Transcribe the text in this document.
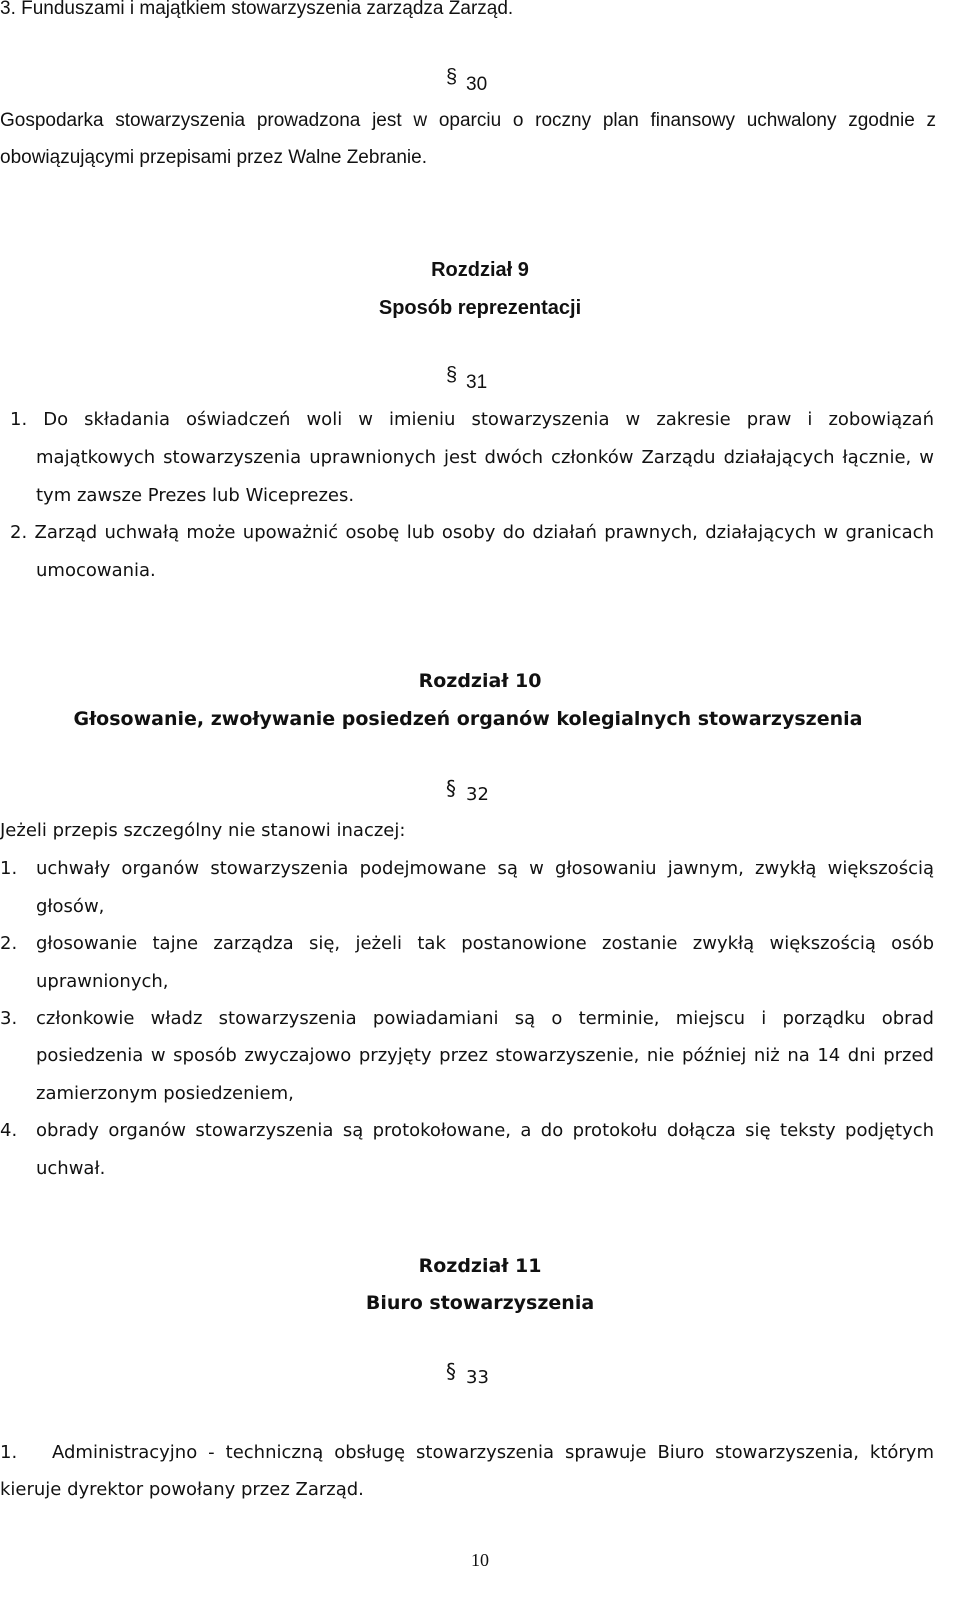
3. Funduszami i majątkiem stowarzyszenia zarządza Zarząd.
§ 30
Gospodarka stowarzyszenia prowadzona jest w oparciu o roczny plan finansowy uchwalony zgodnie z
obowiązującymi przepisami przez Walne Zebranie.
Rozdział 9
Sposób reprezentacji
§ 31
1. Do składania oświadczeń woli w imieniu stowarzyszenia w zakresie praw i zobowiązań
majątkowych stowarzyszenia uprawnionych jest dwóch członków Zarządu działających łącznie, w
tym zawsze Prezes lub Wiceprezes.
2. Zarząd uchwałą może upoważnić osobę lub osoby do działań prawnych, działających w granicach
umocowania.
Rozdział 10
Głosowanie, zwoływanie posiedzeń organów kolegialnych stowarzyszenia
§ 32
Jeżeli przepis szczególny nie stanowi inaczej:
1. uchwały organów stowarzyszenia podejmowane są w głosowaniu jawnym, zwykłą większością
głosów,
2. głosowanie tajne zarządza się, jeżeli tak postanowione zostanie zwykłą większością osób
uprawnionych,
3. członkowie władz stowarzyszenia powiadamiani są o terminie, miejscu i porządku obrad
posiedzenia w sposób zwyczajowo przyjęty przez stowarzyszenie, nie później niż na 14 dni przed
zamierzonym posiedzeniem,
4. obrady organów stowarzyszenia są protokołowane, a do protokołu dołącza się teksty podjętych
uchwał.
Rozdział 11
Biuro stowarzyszenia
§ 33
1. Administracyjno - techniczną obsługę stowarzyszenia sprawuje Biuro stowarzyszenia, którym
kieruje dyrektor powołany przez Zarząd.
10
